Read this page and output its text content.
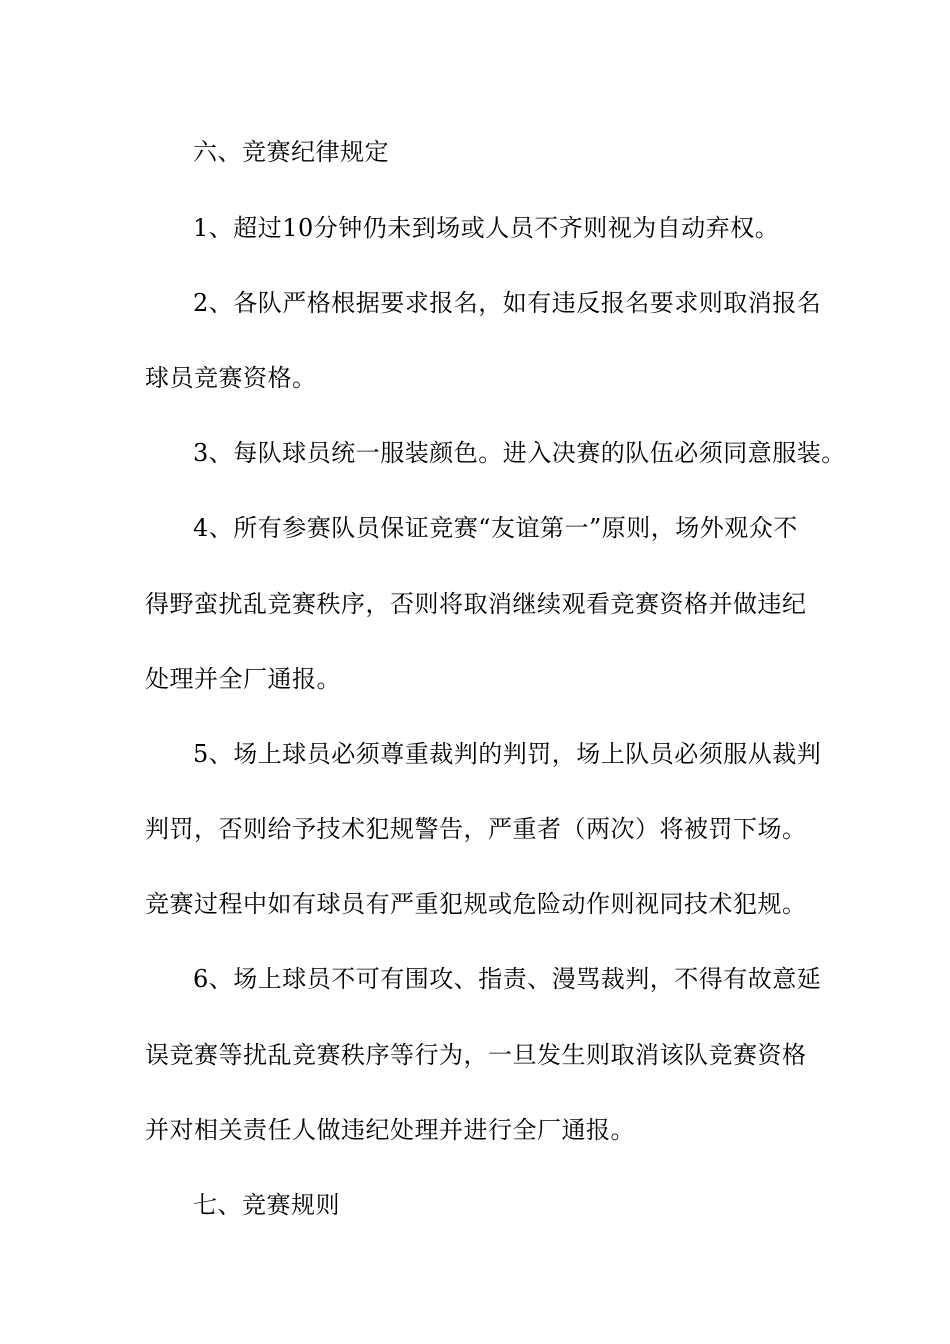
六、竞赛纪律规定
1、超过10分钟仍未到场或人员不齐则视为自动弃权。
2、各队严格根据要求报名，如有违反报名要求则取消报名
球员竞赛资格。
3、每队球员统一服装颜色。进入决赛的队伍必须同意服装。
4、所有参赛队员保证竞赛“友谊第一”原则，场外观众不
得野蛮扰乱竞赛秩序，否则将取消继续观看竞赛资格并做违纪
处理并全厂通报。
5、场上球员必须尊重裁判的判罚，场上队员必须服从裁判
判罚，否则给予技术犯规警告，严重者（两次）将被罚下场。
竞赛过程中如有球员有严重犯规或危险动作则视同技术犯规。
6、场上球员不可有围攻、指责、漫骂裁判，不得有故意延
误竞赛等扰乱竞赛秩序等行为，一旦发生则取消该队竞赛资格
并对相关责任人做违纪处理并进行全厂通报。
七、竞赛规则
